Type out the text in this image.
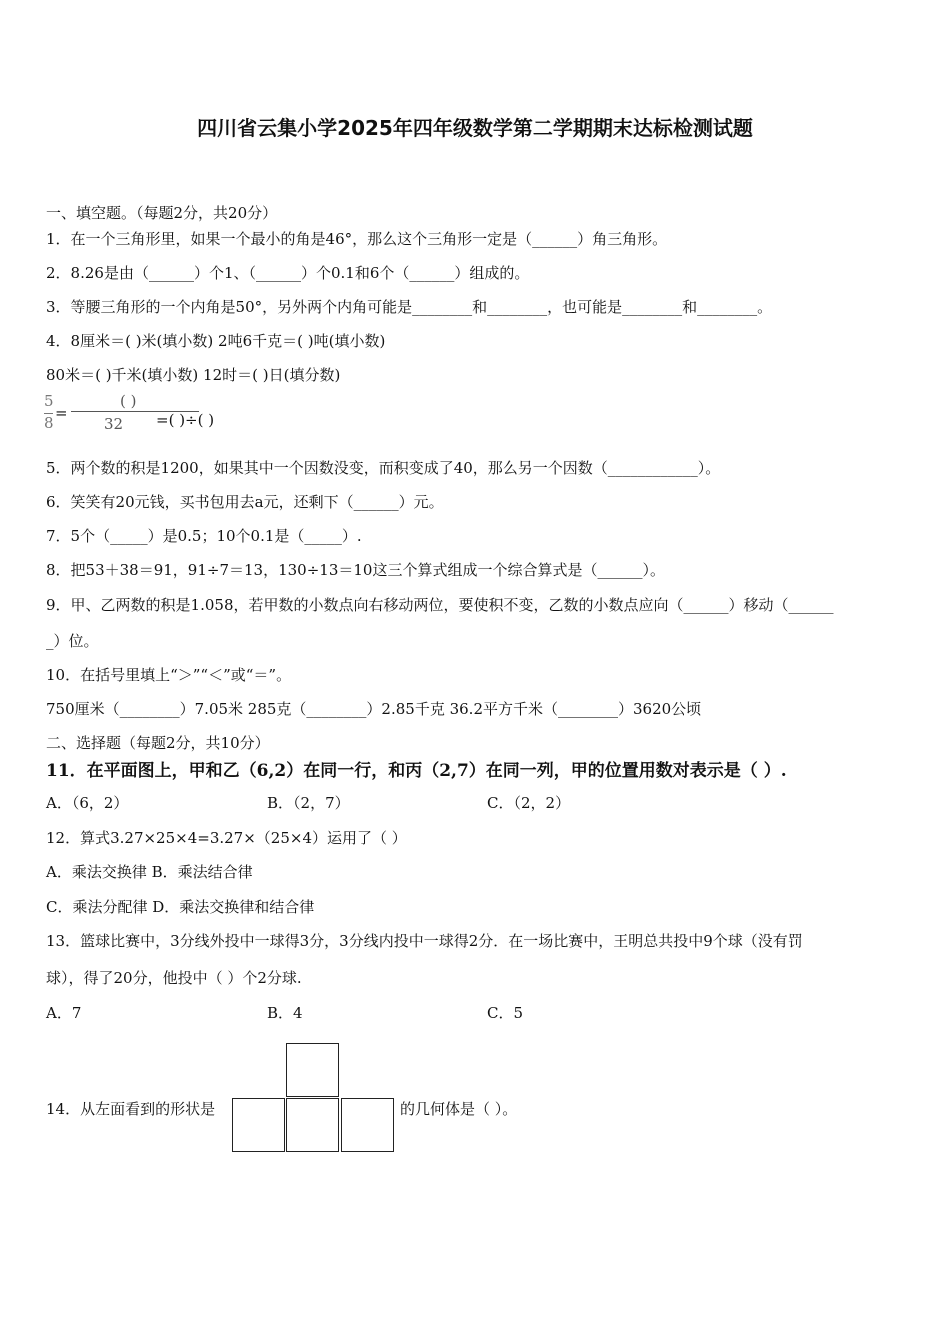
四川省云集小学2025年四年级数学第二学期期末达标检测试题
一、填空题。（每题2分，共20分）
1．在一个三角形里，如果一个最小的角是46°，那么这个三角形一定是（______）角三角形。
2．8.26是由（______）个1、（______）个0.1和6个（______）组成的。
3．等腰三角形的一个内角是50°，另外两个内角可能是________和________，也可能是________和________。
4．8厘米＝( )米(填小数) 2吨6千克＝( )吨(填小数)
80米＝( )千米(填小数) 12时＝( )日(填分数)
5
8
=
( )
32 =( )÷( )
5．两个数的积是1200，如果其中一个因数没变，而积变成了40，那么另一个因数（____________）。
6．笑笑有20元钱，买书包用去a元，还剩下（______）元。
7．5个（_____）是0.5；10个0.1是（_____）.
8．把53＋38＝91，91÷7＝13，130÷13＝10这三个算式组成一个综合算式是（______）。
9．甲、乙两数的积是1.058，若甲数的小数点向右移动两位，要使积不变，乙数的小数点应向（______）移动（______
_）位。
10．在括号里填上“＞”“＜”或“＝”。
750厘米（________）7.05米 285克（________）2.85千克 36.2平方千米（________）3620公顷
二、选择题（每题2分，共10分）
11．在平面图上，甲和乙（6,2）在同一行，和丙（2,7）在同一列，甲的位置用数对表示是（ ）.
A．（6，2）	B．（2，7）	C．（2，2）
12．算式3.27×25×4=3.27×（25×4）运用了（ ）
A．乘法交换律 B．乘法结合律
C．乘法分配律 D．乘法交换律和结合律
13．篮球比赛中，3分线外投中一球得3分，3分线内投中一球得2分．在一场比赛中，王明总共投中9个球（没有罚
球），得了20分，他投中（ ）个2分球.
A．7	B．4	C．5
14．从左面看到的形状是	的几何体是（ ）。
